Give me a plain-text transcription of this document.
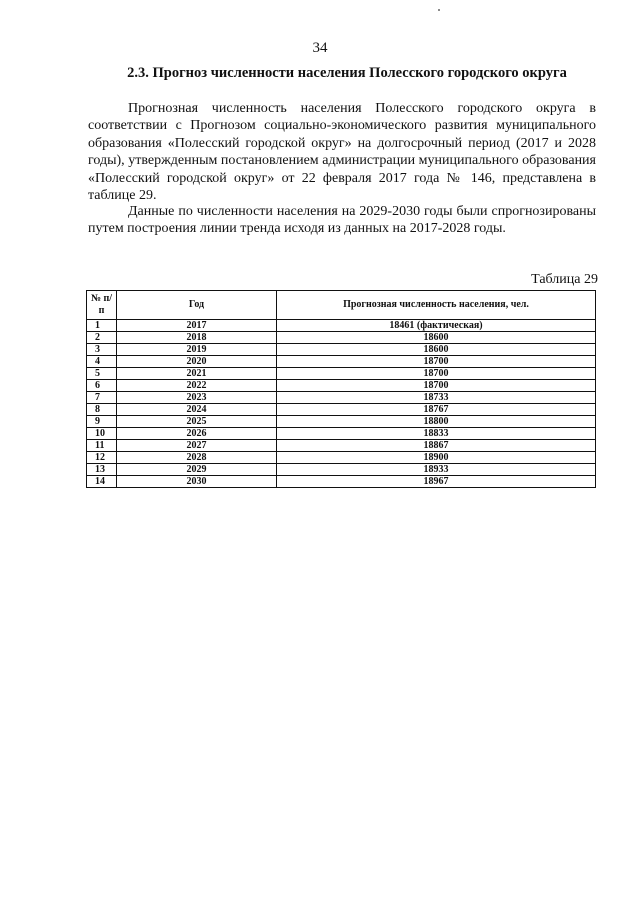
34
2.3. Прогноз численности населения Полесского городского округа

Прогнозная численность населения Полесского городского округа в соответствии с Прогнозом социально-экономического развития муниципального образования «Полесский городской округ» на долгосрочный период (2017 и 2028 годы), утвержденным постановлением администрации муниципального образования «Полесский городской округ» от 22 февраля 2017 года № 146, представлена в таблице 29.

Данные по численности населения на 2029-2030 годы были спрогнозированы путем построения линии тренда исходя из данных на 2017-2028 годы.

Таблица 29
№ п/п	Год	Прогнозная численность населения, чел.
1	2017	18461 (фактическая)
2	2018	18600
3	2019	18600
4	2020	18700
5	2021	18700
6	2022	18700
7	2023	18733
8	2024	18767
9	2025	18800
10	2026	18833
11	2027	18867
12	2028	18900
13	2029	18933
14	2030	18967
